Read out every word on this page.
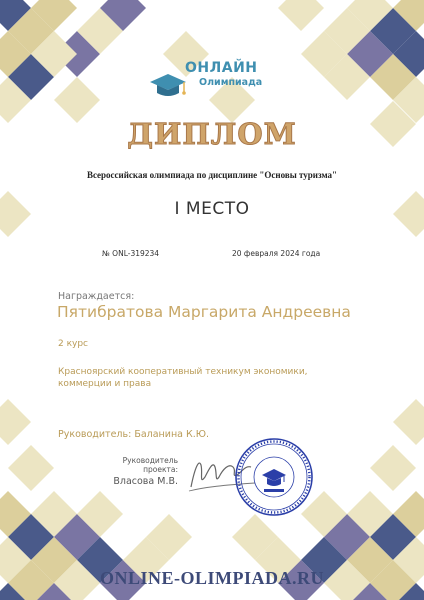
ОНЛАЙН
Олимпиада
ДИПЛОМ
Всероссийская олимпиада по дисциплине "Основы туризма"
I МЕСТО
№ ONL-319234	20 февраля 2024 года
Награждается:
Пятибратова Маргарита Андреевна
2 курс
Красноярский кооперативный техникум экономики, коммерции и права
Руководитель: Баланина К.Ю.
Руководитель
проекта:
Власова М.В.
ONLINE-OLIMPIADA.RU
